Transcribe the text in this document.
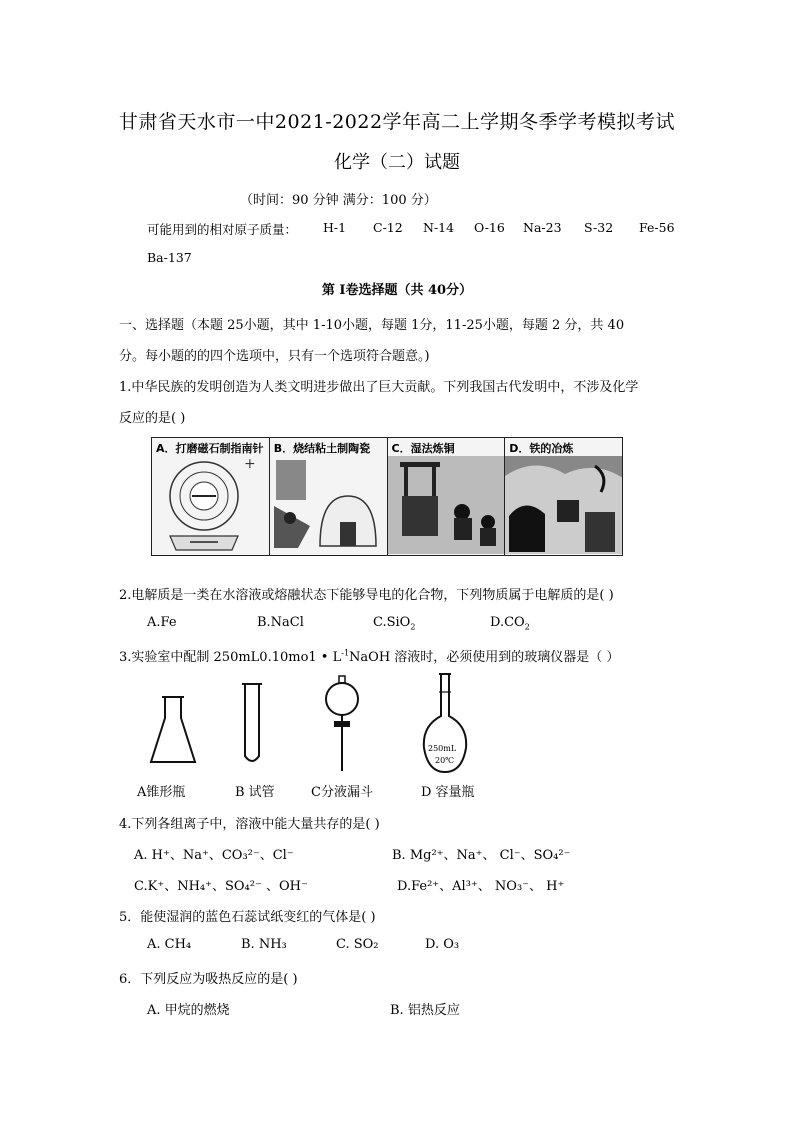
甘肃省天水市一中2021-2022学年高二上学期冬季学考模拟考试
化学（二）试题
（时间：90 分钟 满分：100 分）
可能用到的相对原子质量： H-1 C-12 N-14 O-16 Na-23 S-32 Fe-56
Ba-137
第 I卷选择题（共 40分）
一、选择题（本题 25小题，其中 1-10小题，每题 1分，11-25小题，每题 2 分，共 40
分。每小题的的四个选项中，只有一个选项符合题意。)
1.中华民族的发明创造为人类文明进步做出了巨大贡献。下列我国古代发明中，不涉及化学
反应的是( )
A．打磨磁石制指南针
+
B．烧结粘土制陶瓷 C．湿法炼铜	D．铁的冶炼
2.电解质是一类在水溶液或熔融状态下能够导电的化合物，下列物质属于电解质的是( )
A.Fe	B.NaCl	C.SiO$_2$	$D.CO_2$
3.实验室中配制 250mL0.10mo1 • $L^{-1}NaOH$ 溶液时，必须使用到的玻璃仪器是（ ）
250mL
20℃
A锥形瓶	B 试管	C分液漏斗	D 容量瓶
4.下列各组离子中，溶液中能大量共存的是( )
A. H⁺、Na⁺、CO₃²⁻、Cl⁻	B. Mg²⁺、Na⁺、 Cl⁻、SO₄²⁻
C.K⁺、NH₄⁺、SO₄²⁻ 、OH⁻	D.Fe²⁺、Al³⁺、 NO₃⁻、 H⁺
5．能使湿润的蓝色石蕊试纸变红的气体是( )
A. CH₄	B. NH₃	C. SO₂	D. O₃
6．下列反应为吸热反应的是( )
A. 甲烷的燃烧	B. 铝热反应
